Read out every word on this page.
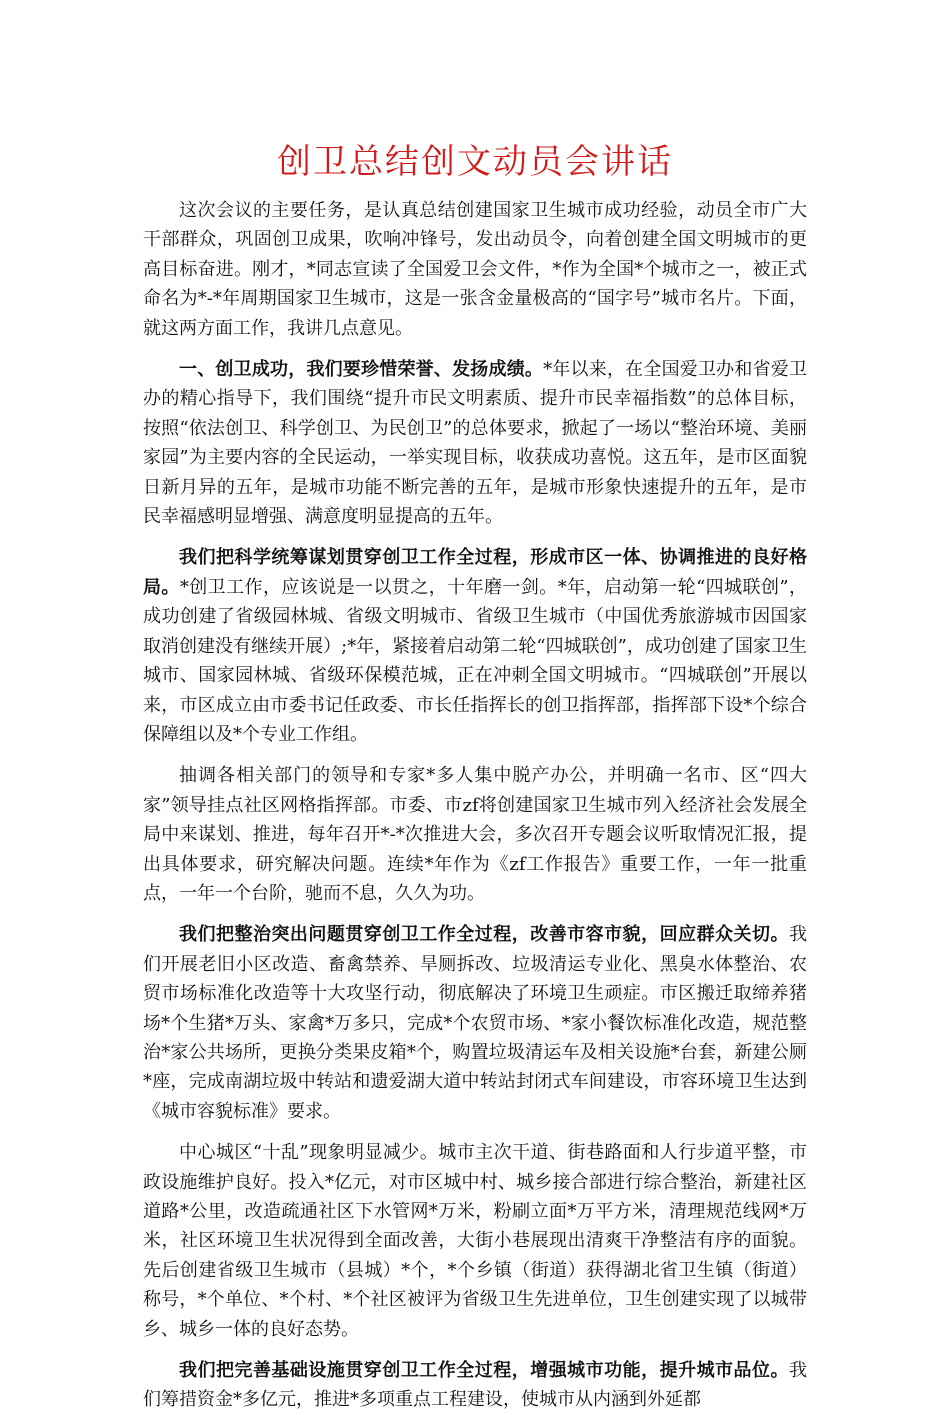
创卫总结创文动员会讲话

这次会议的主要任务，是认真总结创建国家卫生城市成功经验，动员全市广大干部群众，巩固创卫成果，吹响冲锋号，发出动员令，向着创建全国文明城市的更高目标奋进。刚才，*同志宣读了全国爱卫会文件，*作为全国*个城市之一，被正式命名为*-*年周期国家卫生城市，这是一张含金量极高的“国字号”城市名片。下面，就这两方面工作，我讲几点意见。

一、创卫成功，我们要珍惜荣誉、发扬成绩。*年以来，在全国爱卫办和省爱卫办的精心指导下，我们围绕“提升市民文明素质、提升市民幸福指数”的总体目标，按照“依法创卫、科学创卫、为民创卫”的总体要求，掀起了一场以“整治环境、美丽家园”为主要内容的全民运动，一举实现目标，收获成功喜悦。这五年，是市区面貌日新月异的五年，是城市功能不断完善的五年，是城市形象快速提升的五年，是市民幸福感明显增强、满意度明显提高的五年。

我们把科学统筹谋划贯穿创卫工作全过程，形成市区一体、协调推进的良好格局。*创卫工作，应该说是一以贯之，十年磨一剑。*年，启动第一轮“四城联创”，成功创建了省级园林城、省级文明城市、省级卫生城市（中国优秀旅游城市因国家取消创建没有继续开展）;*年，紧接着启动第二轮“四城联创”，成功创建了国家卫生城市、国家园林城、省级环保模范城，正在冲刺全国文明城市。“四城联创”开展以来，市区成立由市委书记任政委、市长任指挥长的创卫指挥部，指挥部下设*个综合保障组以及*个专业工作组。

抽调各相关部门的领导和专家*多人集中脱产办公，并明确一名市、区“四大家”领导挂点社区网格指挥部。市委、市zf将创建国家卫生城市列入经济社会发展全局中来谋划、推进，每年召开*-*次推进大会，多次召开专题会议听取情况汇报，提出具体要求，研究解决问题。连续*年作为《zf工作报告》重要工作，一年一批重点，一年一个台阶，驰而不息，久久为功。

我们把整治突出问题贯穿创卫工作全过程，改善市容市貌，回应群众关切。我们开展老旧小区改造、畜禽禁养、旱厕拆改、垃圾清运专业化、黑臭水体整治、农贸市场标准化改造等十大攻坚行动，彻底解决了环境卫生顽症。市区搬迁取缔养猪场*个生猪*万头、家禽*万多只，完成*个农贸市场、*家小餐饮标准化改造，规范整治*家公共场所，更换分类果皮箱*个，购置垃圾清运车及相关设施*台套，新建公厕*座，完成南湖垃圾中转站和遗爱湖大道中转站封闭式车间建设，市容环境卫生达到《城市容貌标准》要求。

中心城区“十乱”现象明显减少。城市主次干道、街巷路面和人行步道平整，市政设施维护良好。投入*亿元，对市区城中村、城乡接合部进行综合整治，新建社区道路*公里，改造疏通社区下水管网*万米，粉刷立面*万平方米，清理规范线网*万米，社区环境卫生状况得到全面改善，大街小巷展现出清爽干净整洁有序的面貌。先后创建省级卫生城市（县城）*个，*个乡镇（街道）获得湖北省卫生镇（街道）称号，*个单位、*个村、*个社区被评为省级卫生先进单位，卫生创建实现了以城带乡、城乡一体的良好态势。

我们把完善基础设施贯穿创卫工作全过程，增强城市功能，提升城市品位。我们筹措资金*多亿元，推进*多项重点工程建设，使城市从内涵到外延都
